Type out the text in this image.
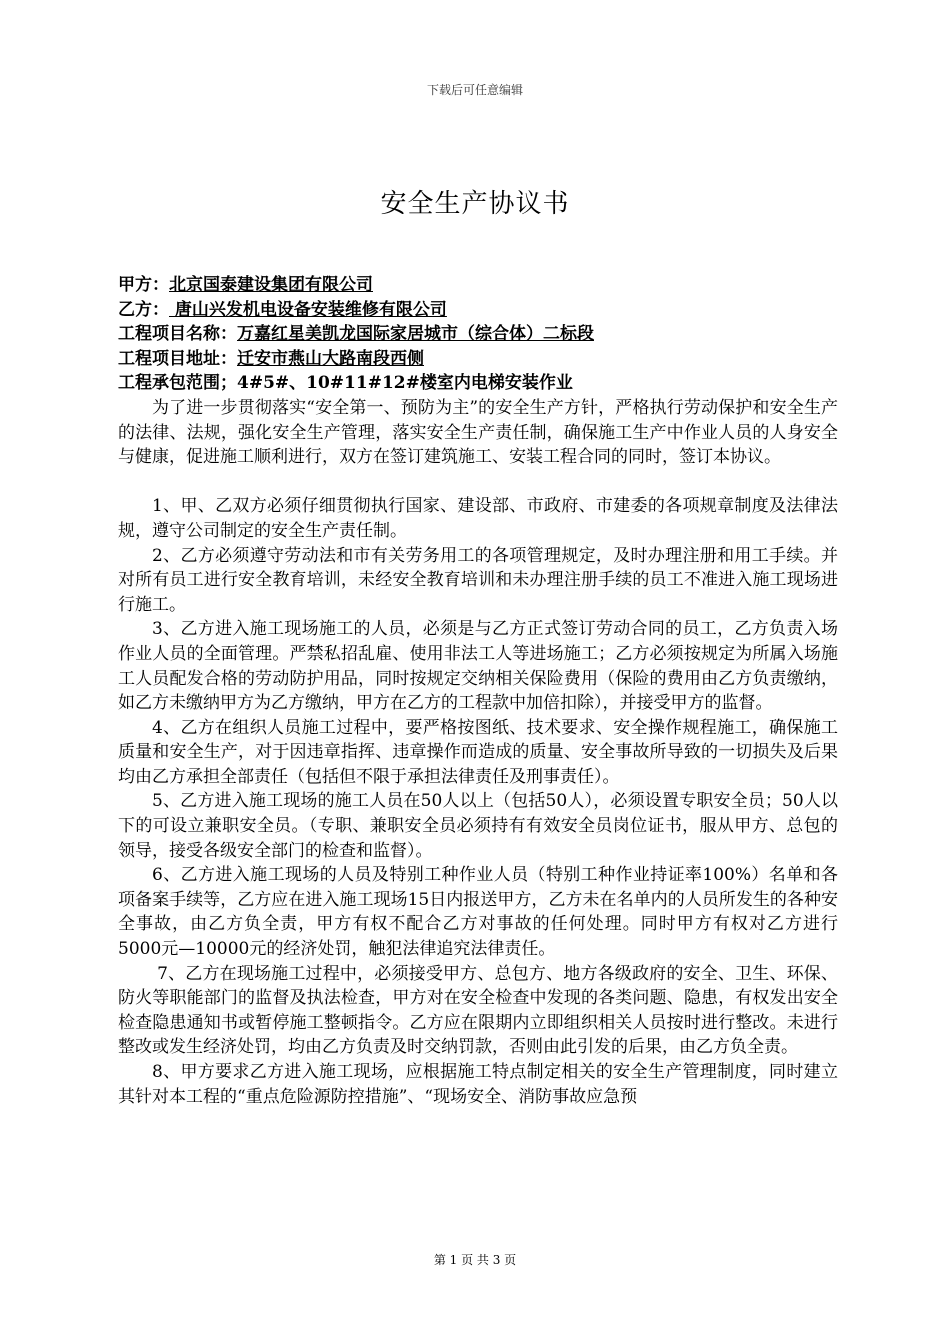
下载后可任意编辑
安全生产协议书

甲方：北京国泰建设集团有限公司

乙方： 唐山兴发机电设备安装维修有限公司

工程项目名称：万嘉红星美凯龙国际家居城市（综合体）二标段

工程项目地址：迁安市燕山大路南段西侧

工程承包范围；4#5#、10#11#12#楼室内电梯安装作业

为了进一步贯彻落实“安全第一、预防为主”的安全生产方针，严格执行劳动保护和安全生产的法律、法规，强化安全生产管理，落实安全生产责任制，确保施工生产中作业人员的人身安全与健康，促进施工顺利进行，双方在签订建筑施工、安装工程合同的同时，签订本协议。

1、甲、乙双方必须仔细贯彻执行国家、建设部、市政府、市建委的各项规章制度及法律法规，遵守公司制定的安全生产责任制。

2、乙方必须遵守劳动法和市有关劳务用工的各项管理规定，及时办理注册和用工手续。并对所有员工进行安全教育培训，未经安全教育培训和未办理注册手续的员工不准进入施工现场进行施工。

3、乙方进入施工现场施工的人员，必须是与乙方正式签订劳动合同的员工，乙方负责入场作业人员的全面管理。严禁私招乱雇、使用非法工人等进场施工；乙方必须按规定为所属入场施工人员配发合格的劳动防护用品，同时按规定交纳相关保险费用（保险的费用由乙方负责缴纳，如乙方未缴纳甲方为乙方缴纳，甲方在乙方的工程款中加倍扣除），并接受甲方的监督。

4、乙方在组织人员施工过程中，要严格按图纸、技术要求、安全操作规程施工，确保施工质量和安全生产，对于因违章指挥、违章操作而造成的质量、安全事故所导致的一切损失及后果均由乙方承担全部责任（包括但不限于承担法律责任及刑事责任）。

5、乙方进入施工现场的施工人员在50人以上（包括50人），必须设置专职安全员；50人以下的可设立兼职安全员。（专职、兼职安全员必须持有有效安全员岗位证书，服从甲方、总包的领导，接受各级安全部门的检查和监督）。

6、乙方进入施工现场的人员及特别工种作业人员（特别工种作业持证率100%）名单和各项备案手续等，乙方应在进入施工现场15日内报送甲方，乙方未在名单内的人员所发生的各种安全事故，由乙方负全责，甲方有权不配合乙方对事故的任何处理。同时甲方有权对乙方进行5000元—10000元的经济处罚，触犯法律追究法律责任。

7、乙方在现场施工过程中，必须接受甲方、总包方、地方各级政府的安全、卫生、环保、防火等职能部门的监督及执法检查，甲方对在安全检查中发现的各类问题、隐患，有权发出安全检查隐患通知书或暂停施工整顿指令。乙方应在限期内立即组织相关人员按时进行整改。未进行整改或发生经济处罚，均由乙方负责及时交纳罚款，否则由此引发的后果，由乙方负全责。

8、甲方要求乙方进入施工现场，应根据施工特点制定相关的安全生产管理制度，同时建立其针对本工程的“重点危险源防控措施”、“现场安全、消防事故应急预

第 1 页 共 3 页
